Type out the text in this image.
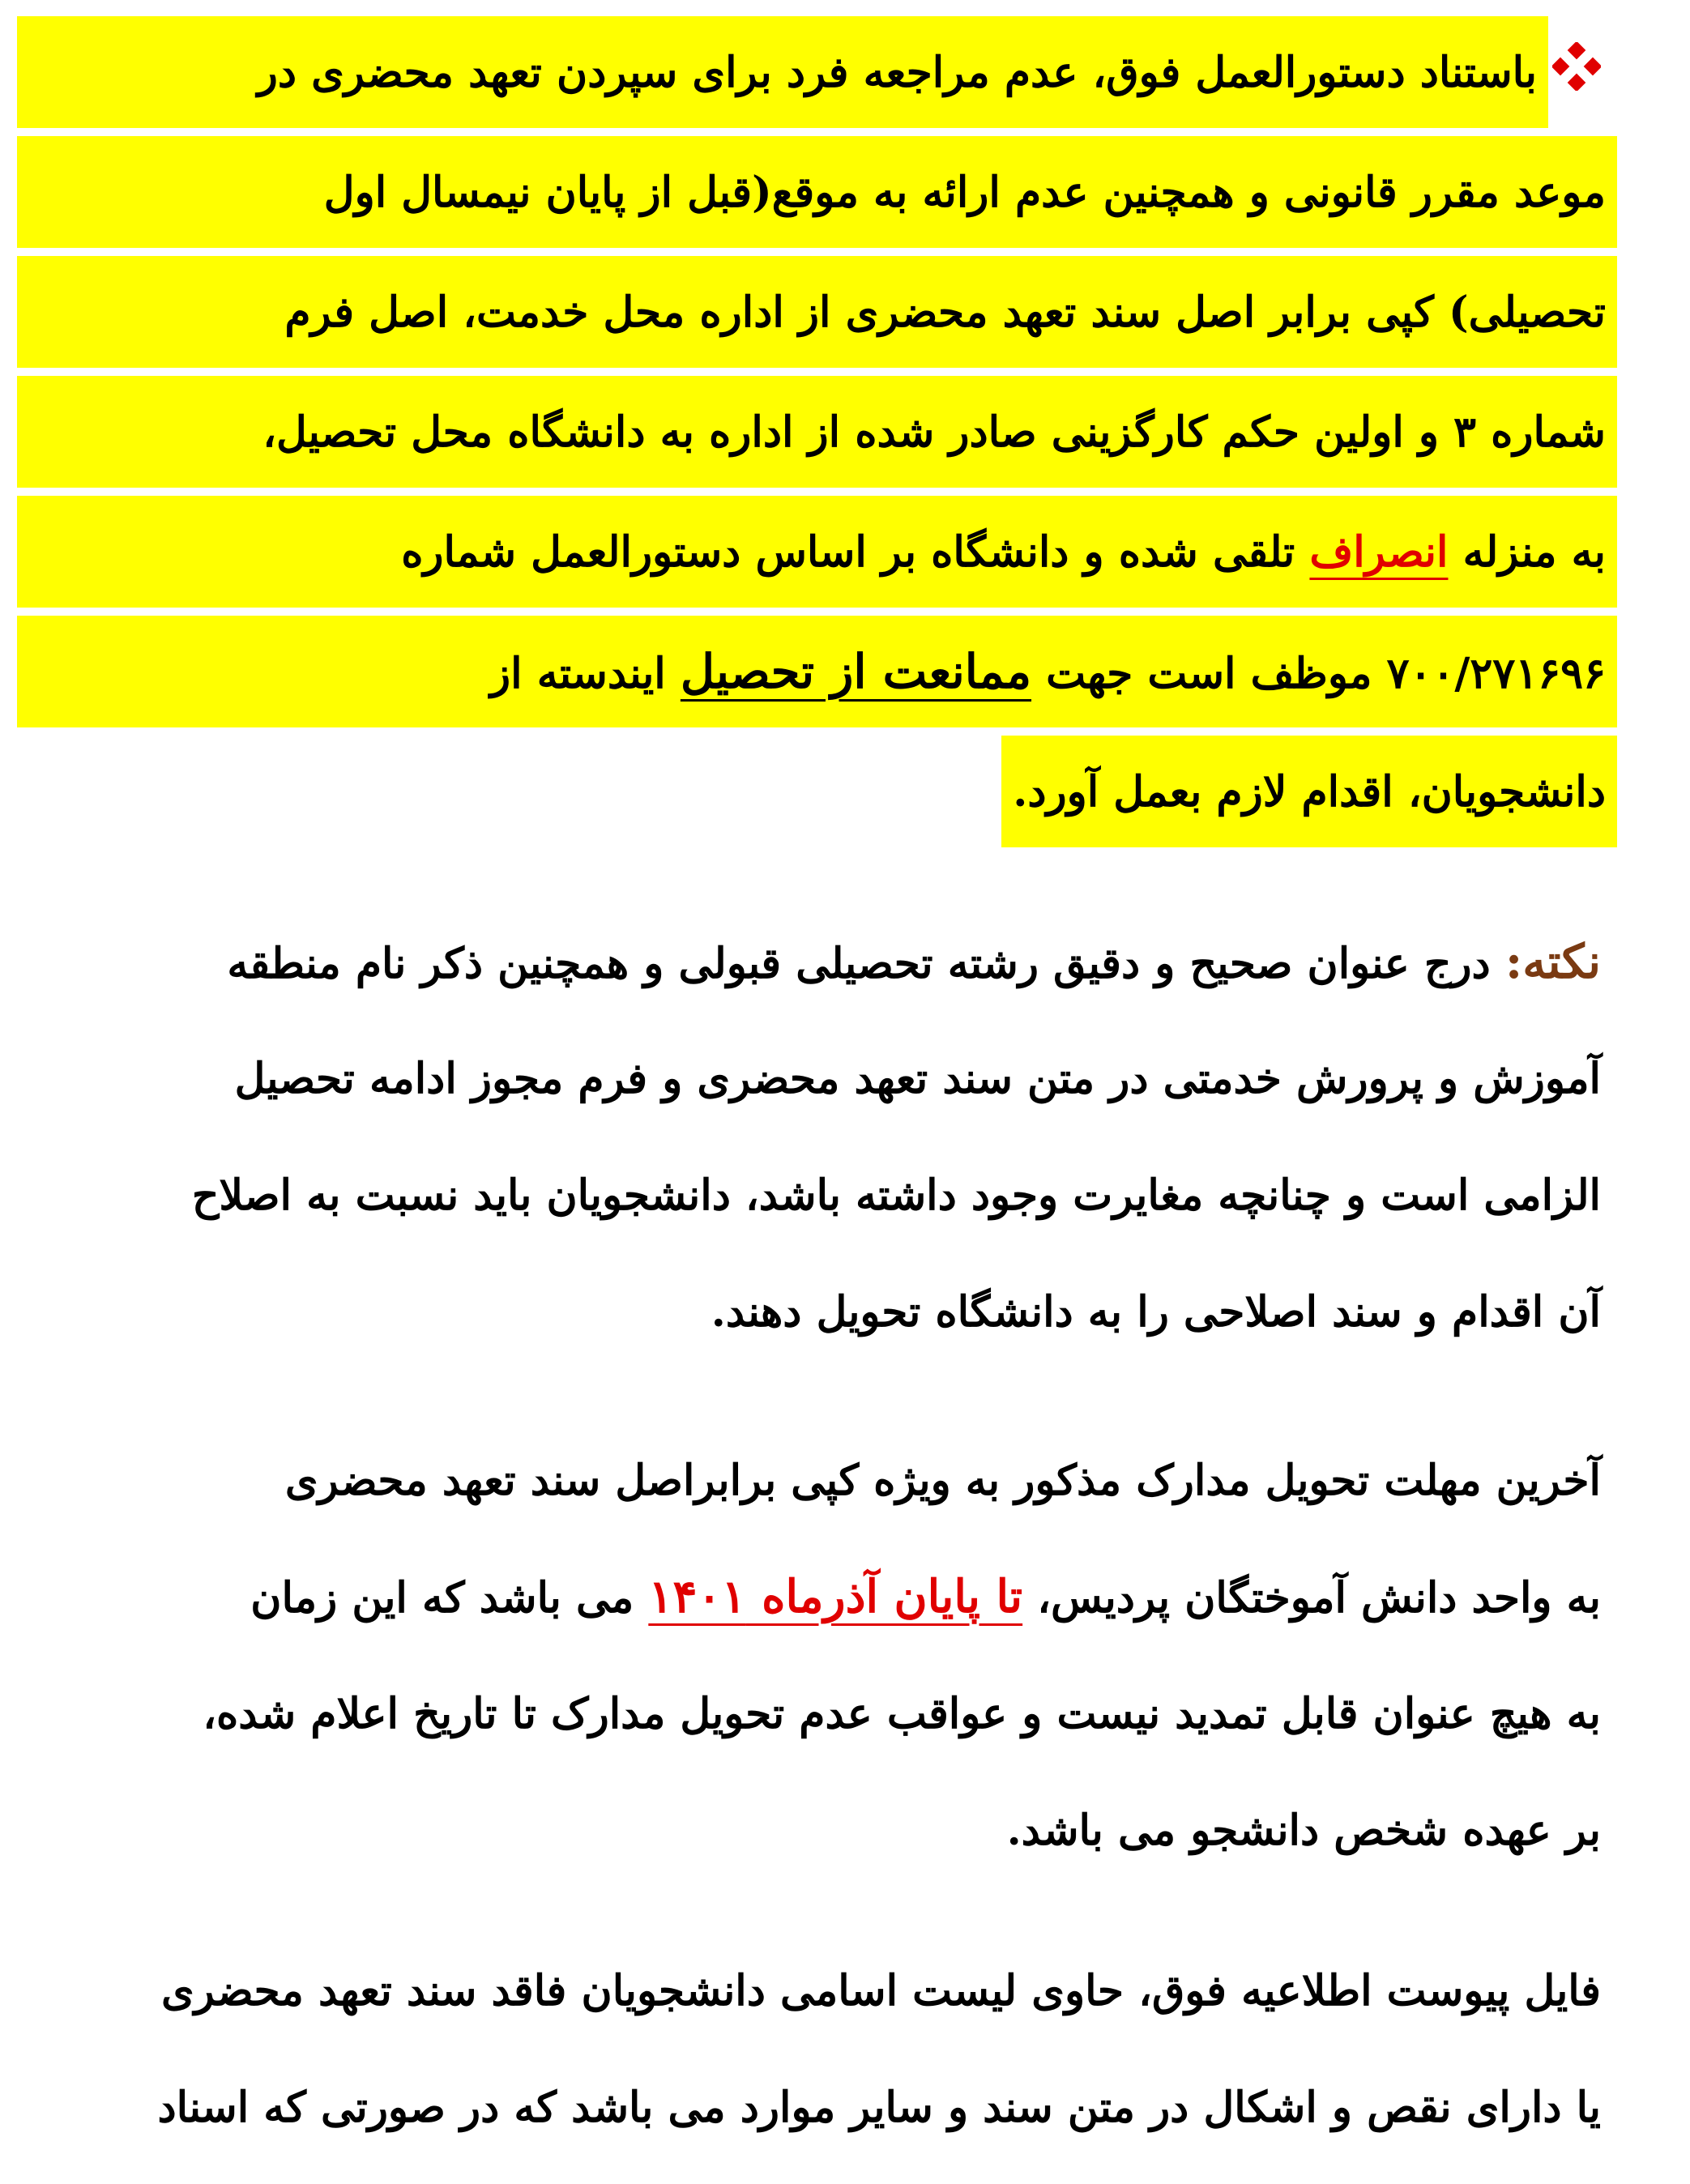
باستناد دستورالعمل فوق، عدم مراجعه فرد برای سپردن تعهد محضری در
موعد مقرر قانونی و همچنین عدم ارائه به موقع(قبل از پایان نیمسال اول
تحصیلی) کپی برابر اصل سند تعهد محضری از اداره محل خدمت، اصل فرم
شماره ۳ و اولین حکم کارگزینی صادر شده از اداره به دانشگاه محل تحصیل،
به منزله انصراف تلقی شده و دانشگاه بر اساس دستورالعمل شماره
۷۰۰/۲۷۱۶۹۶ موظف است جهت ممانعت از تحصیل ایندسته از
دانشجویان، اقدام لازم بعمل آورد.
نکته: درج عنوان صحیح و دقیق رشته تحصیلی قبولی و همچنین ذکر نام منطقه
آموزش و پرورش خدمتی در متن سند تعهد محضری و فرم مجوز ادامه تحصیل
الزامی است و چنانچه مغایرت وجود داشته باشد، دانشجویان باید نسبت به اصلاح
آن اقدام و سند اصلاحی را به دانشگاه تحویل دهند.
آخرین مهلت تحویل مدارک مذکور به ویژه کپی برابراصل سند تعهد محضری
به واحد دانش آموختگان پردیس، تا پایان آذرماه ۱۴۰۱ می باشد که این زمان
به هیچ عنوان قابل تمدید نیست و عواقب عدم تحویل مدارک تا تاریخ اعلام شده،
بر عهده شخص دانشجو می باشد.
فایل پیوست اطلاعیه فوق، حاوی لیست اسامی دانشجویان فاقد سند تعهد محضری
یا دارای نقص و اشکال در متن سند و سایر موارد می باشد که در صورتی که اسناد
